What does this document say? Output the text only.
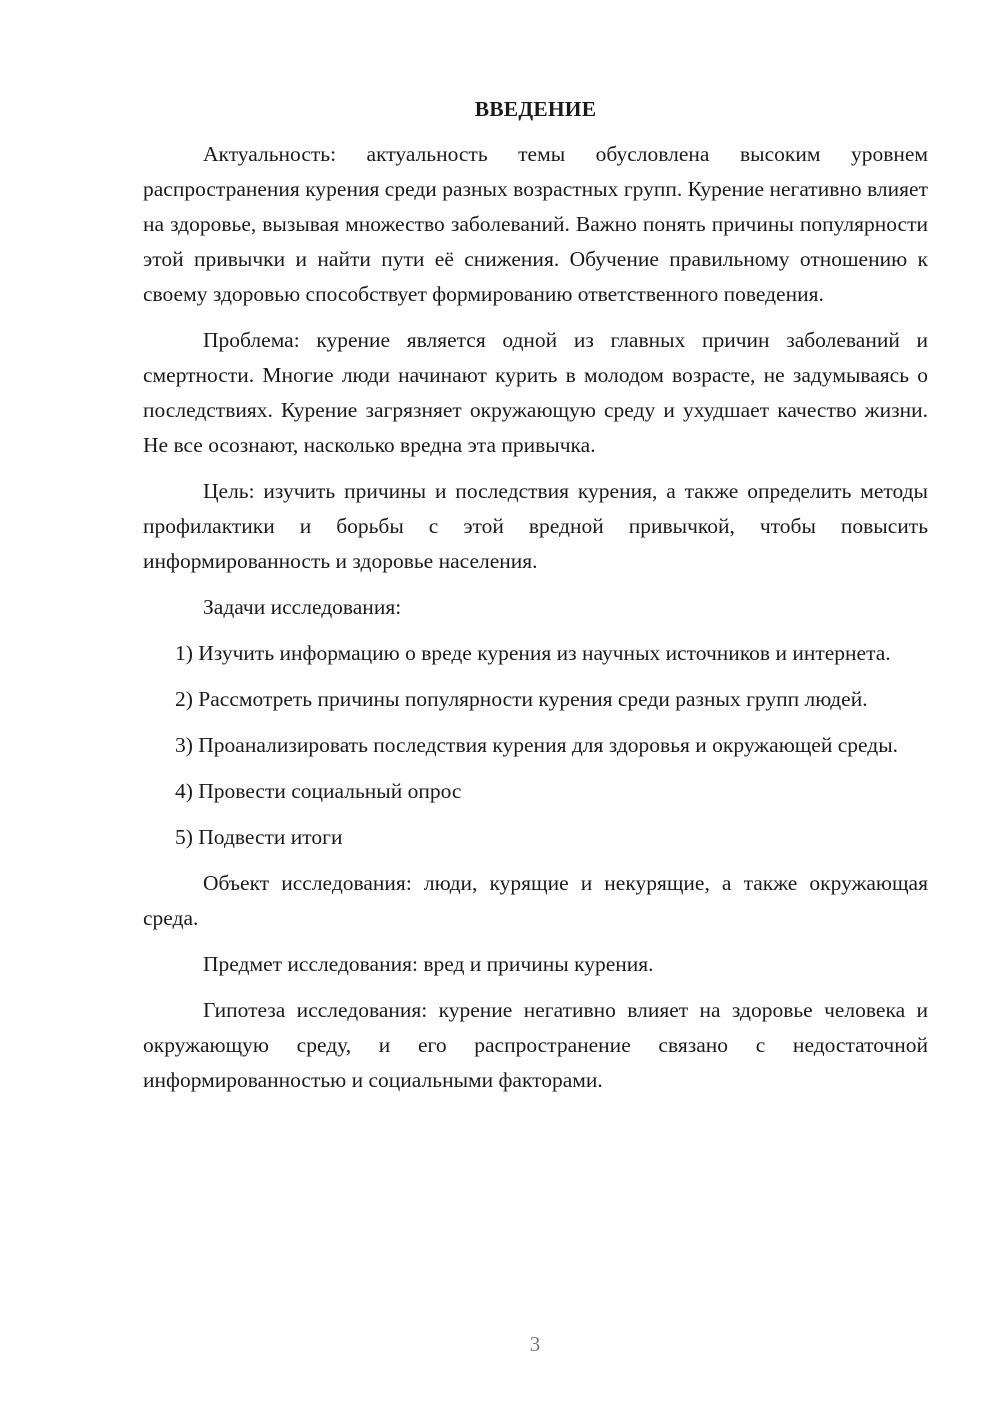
ВВЕДЕНИЕ

Актуальность: актуальность темы обусловлена высоким уровнем распространения курения среди разных возрастных групп. Курение негативно влияет на здоровье, вызывая множество заболеваний. Важно понять причины популярности этой привычки и найти пути её снижения. Обучение правильному отношению к своему здоровью способствует формированию ответственного поведения.

Проблема: курение является одной из главных причин заболеваний и смертности. Многие люди начинают курить в молодом возрасте, не задумываясь о последствиях. Курение загрязняет окружающую среду и ухудшает качество жизни. Не все осознают, насколько вредна эта привычка.

Цель: изучить причины и последствия курения, а также определить методы профилактики и борьбы с этой вредной привычкой, чтобы повысить информированность и здоровье населения.

Задачи исследования:

1) Изучить информацию о вреде курения из научных источников и интернета.

2) Рассмотреть причины популярности курения среди разных групп людей.

3) Проанализировать последствия курения для здоровья и окружающей среды.

4) Провести социальный опрос

5) Подвести итоги

Объект исследования: люди, курящие и некурящие, а также окружающая среда.

Предмет исследования: вред и причины курения.

Гипотеза исследования: курение негативно влияет на здоровье человека и окружающую среду, и его распространение связано с недостаточной информированностью и социальными факторами.

3
